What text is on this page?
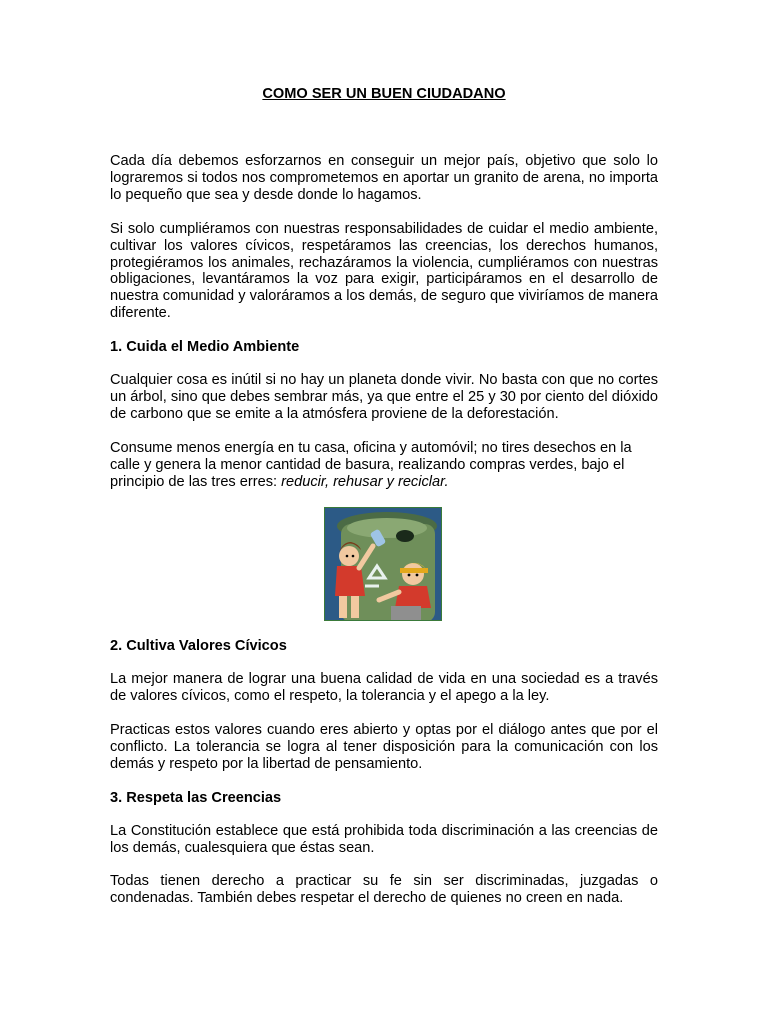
COMO SER UN BUEN CIUDADANO

Cada día debemos esforzarnos en conseguir un mejor país, objetivo que solo lo lograremos si todos nos comprometemos en aportar un granito de arena, no importa lo pequeño que sea y desde donde lo hagamos.

Si solo cumpliéramos con nuestras responsabilidades de cuidar el medio ambiente, cultivar los valores cívicos, respetáramos las creencias, los derechos humanos, protegiéramos los animales, rechazáramos la violencia, cumpliéramos con nuestras obligaciones, levantáramos la voz para exigir, participáramos en el desarrollo de nuestra comunidad y valoráramos a los demás, de seguro que viviríamos de manera diferente.

1. Cuida el Medio Ambiente

Cualquier cosa es inútil si no hay un planeta donde vivir. No basta con que no cortes un árbol, sino que debes sembrar más, ya que entre el 25 y 30 por ciento del dióxido de carbono que se emite a la atmósfera proviene de la deforestación.

Consume menos energía en tu casa, oficina y automóvil; no tires desechos en la calle y genera la menor cantidad de basura, realizando compras verdes, bajo el principio de las tres erres: reducir, rehusar y reciclar.

2. Cultiva Valores Cívicos

La mejor manera de lograr una buena calidad de vida en una sociedad es a través de valores cívicos, como el respeto, la tolerancia y el apego a la ley.

Practicas estos valores cuando eres abierto y optas por el diálogo antes que por el conflicto. La tolerancia se logra al tener disposición para la comunicación con los demás y respeto por la libertad de pensamiento.

3. Respeta las Creencias

La Constitución establece que está prohibida toda discriminación a las creencias de los demás, cualesquiera que éstas sean.

Todas tienen derecho a practicar su fe sin ser discriminadas, juzgadas o condenadas. También debes respetar el derecho de quienes no creen en nada.
